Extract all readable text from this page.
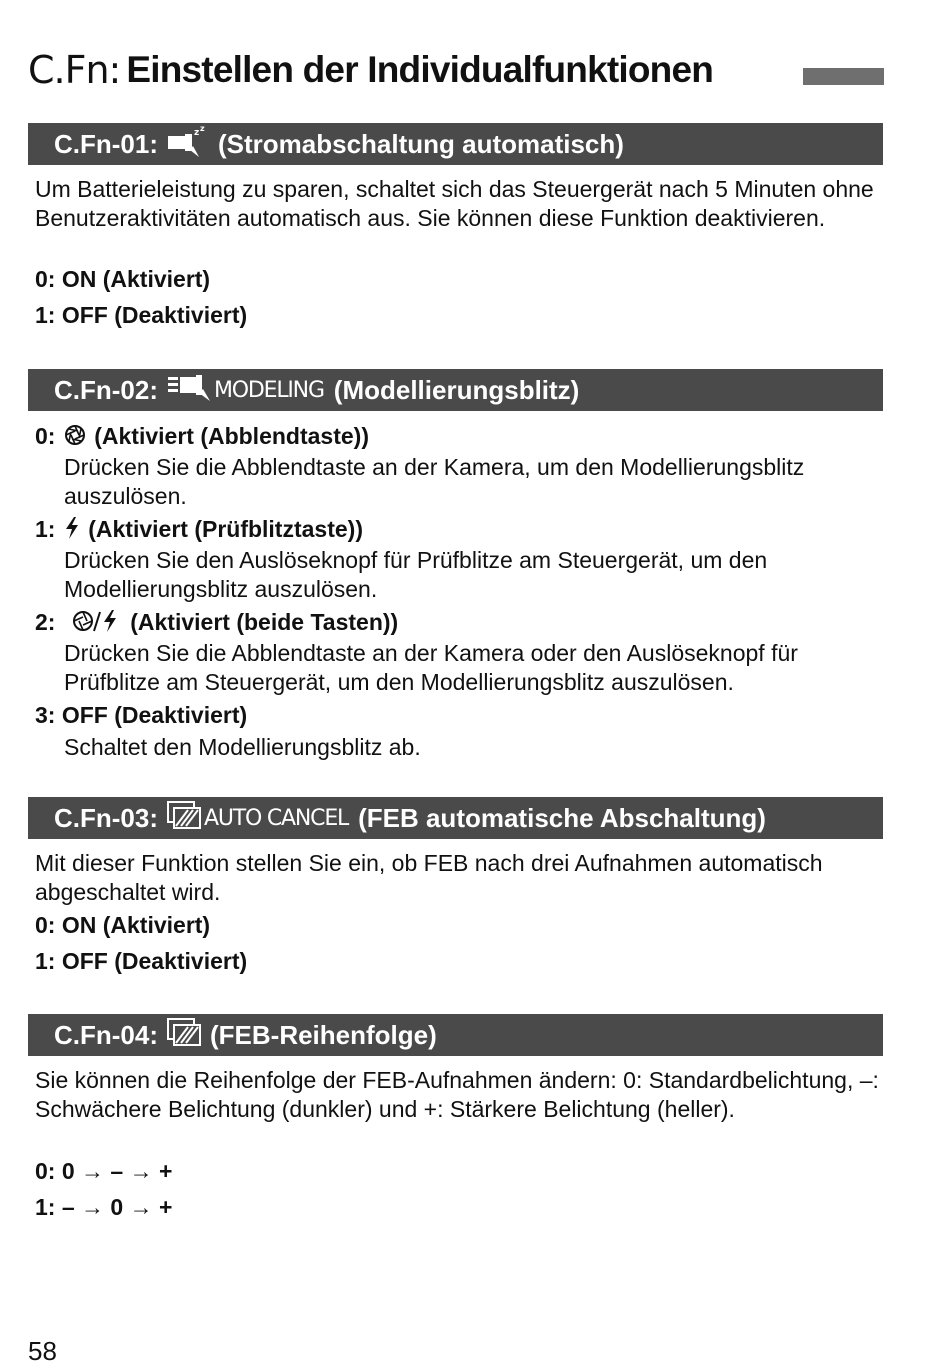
C.Fn: Einstellen der Individualfunktionen
C.Fn-01:	z z
(Stromabschaltung automatisch)
Um Batterieleistung zu sparen, schaltet sich das Steuergerät nach 5 Minuten ohne Benutzeraktivitäten automatisch aus. Sie können diese Funktion deaktivieren.
0: ON (Aktiviert)
1: OFF (Deaktiviert)
C.Fn-02:	MODELING (Modellierungsblitz)
0: (Aktiviert (Abblendtaste))
Drücken Sie die Abblendtaste an der Kamera, um den Modellierungsblitz auszulösen.
1: (Aktiviert (Prüfblitztaste))
Drücken Sie den Auslöseknopf für Prüfblitze am Steuergerät, um den Modellierungsblitz auszulösen.
2:	(Aktiviert (beide Tasten))
Drücken Sie die Abblendtaste an der Kamera oder den Auslöseknopf für Prüfblitze am Steuergerät, um den Modellierungsblitz auszulösen.
3: OFF (Deaktiviert)
Schaltet den Modellierungsblitz ab.
C.Fn-03: AUTO CANCEL (FEB automatische Abschaltung)
Mit dieser Funktion stellen Sie ein, ob FEB nach drei Aufnahmen automatisch abgeschaltet wird.
0: ON (Aktiviert)
1: OFF (Deaktiviert)
C.Fn-04: (FEB-Reihenfolge)
Sie können die Reihenfolge der FEB-Aufnahmen ändern: 0: Standardbelichtung, –: Schwächere Belichtung (dunkler) und +: Stärkere Belichtung (heller).
0: 0 → – → +
1: – → 0 → +
58
